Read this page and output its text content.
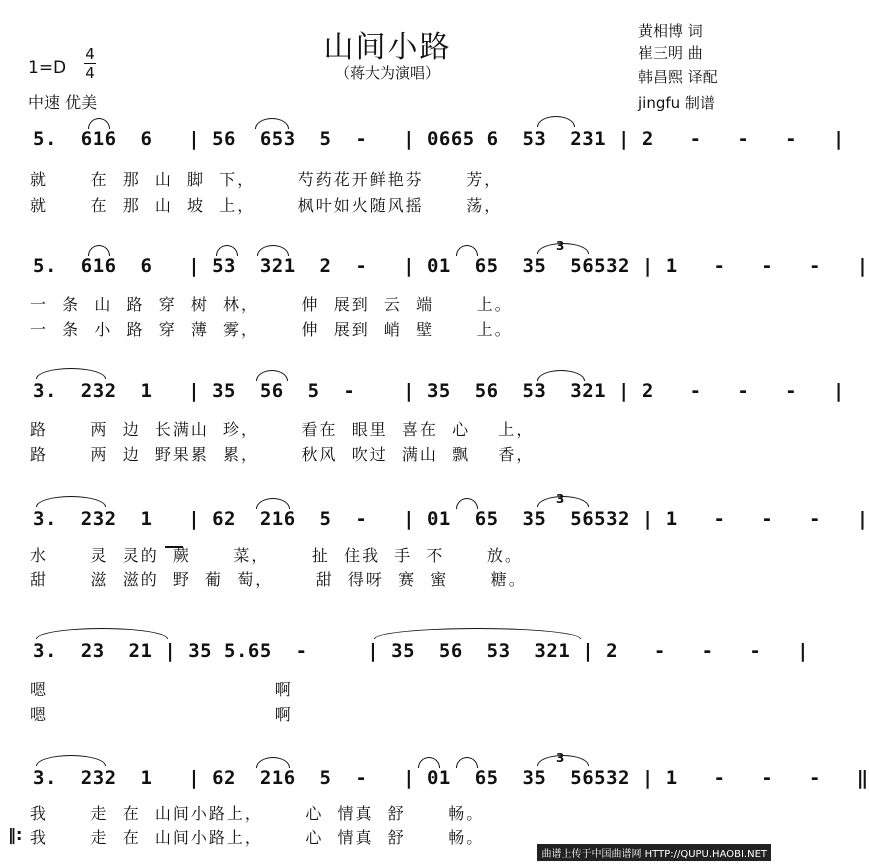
山间小路
（蒋大为演唱）
黄相博 词
崔三明 曲
韩昌熙 译配
jingfu 制谱
1=D
4
4
中速 优美
5.  616  6   | 56  653  5  -   | 0665 6  53  231 | 2   -   -   -   |
就      在  那  山  脚  下，      芍药花开鲜艳芬      芳，
就      在  那  山  坡  上，      枫叶如火随风摇      荡，
5.  616  6   | 53  321  2  -   | 01  65  35  56532 | 1   -   -   -   |
3
一  条  山  路  穿  树  林，      伸  展到  云  端      上。
一  条  小  路  穿  薄  雾，      伸  展到  峭  壁      上。
3.  232  1   | 35  56  5  -    | 35  56  53  321 | 2   -   -   -   |
路      两  边  长满山  珍，      看在  眼里  喜在  心    上，
路      两  边  野果累  累，      秋风  吹过  满山  飘    香，
3.  232  1   | 62  216  5  -   | 01  65  35  56532 | 1   -   -   -   |
3
水      灵  灵的  蕨      菜，      扯  住我  手  不      放。
甜      滋  滋的  野  葡  萄，      甜  得呀  赛  蜜      糖。
3.  23  21 | 35 5.65  -     | 35  56  53  321 | 2   -   -   -   |
嗯                                啊
嗯                                啊
3.  232  1   | 62  216  5  -   | 01  65  35  56532 | 1   -   -   -   ‖
3
我      走  在  山间小路上，      心  情真  舒      畅。
‖: 我      走  在  山间小路上，      心  情真  舒      畅。
曲谱上传于中国曲谱网 HTTP://QUPU.HAOBI.NET
